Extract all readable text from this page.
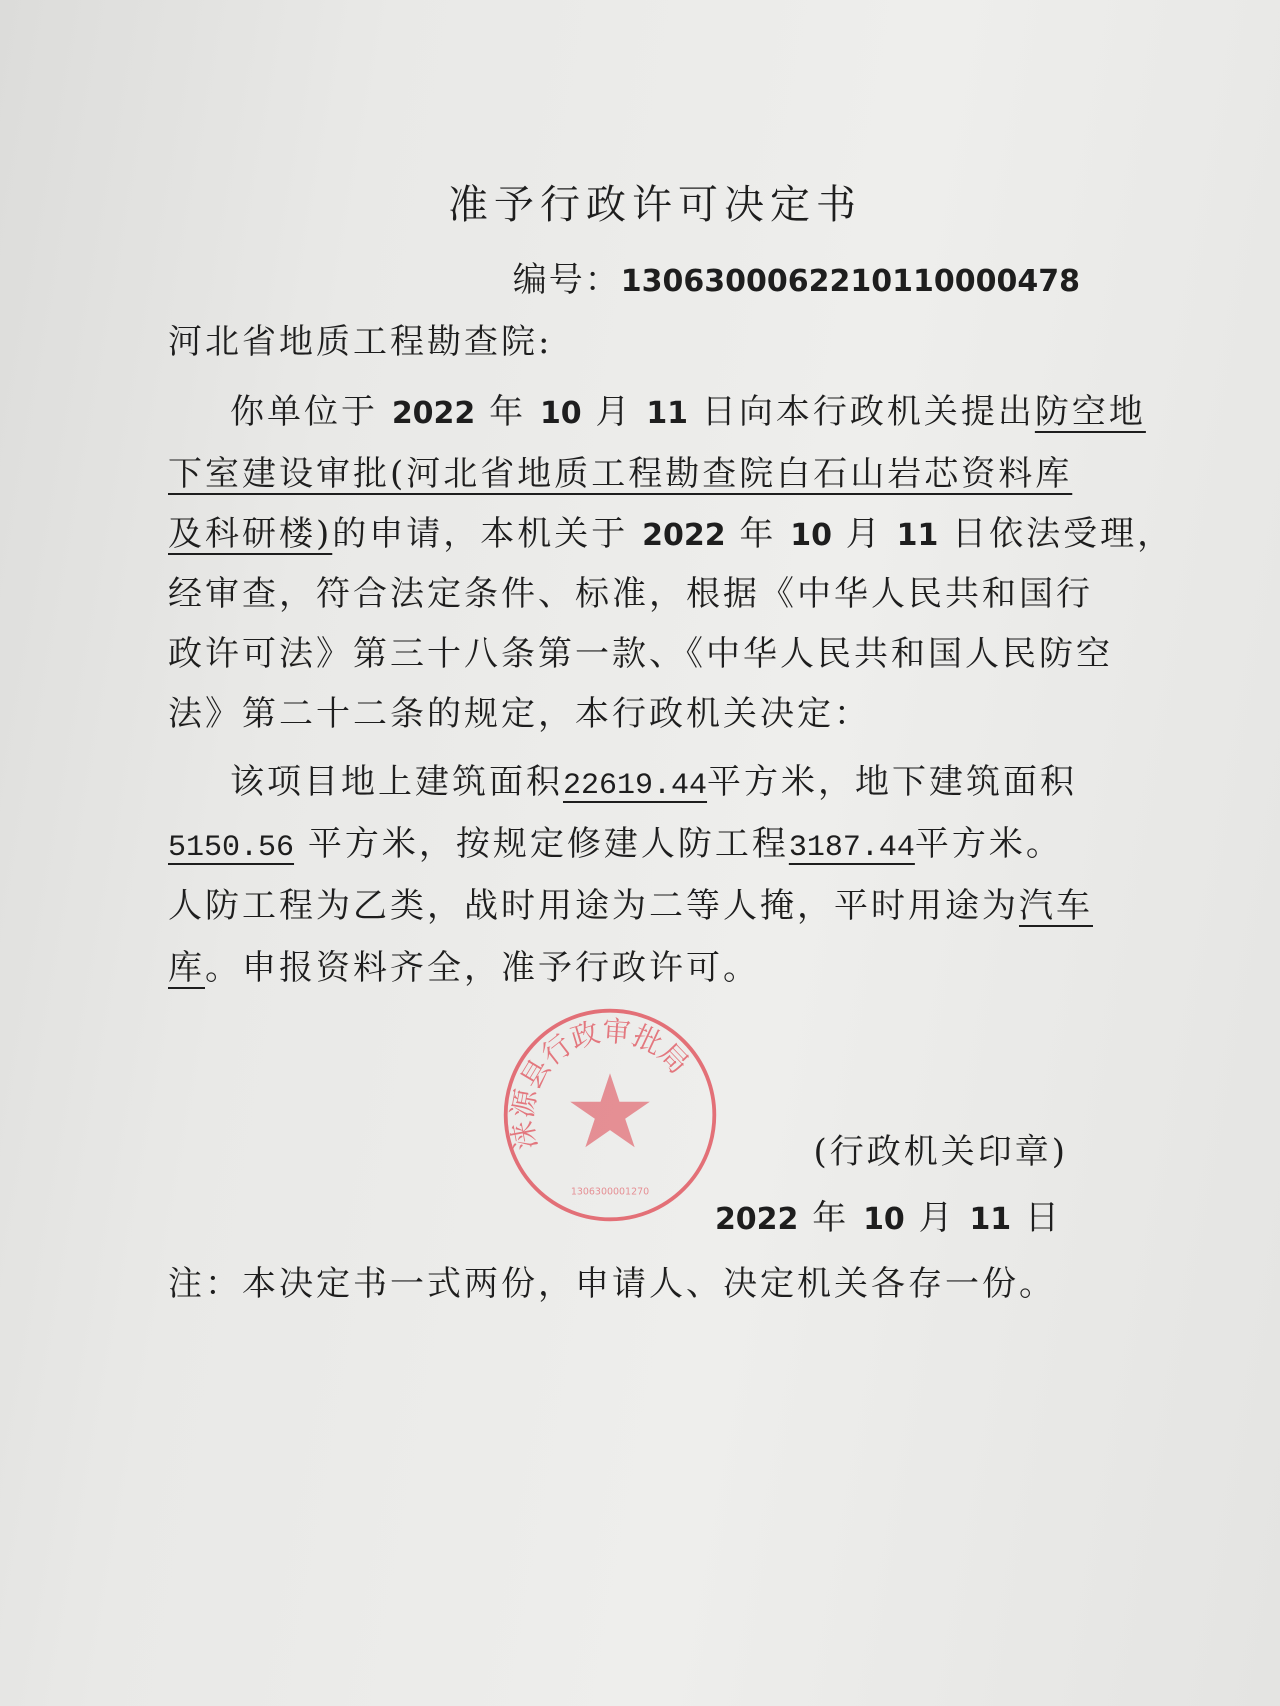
准予行政许可决定书
编号：1306300062210110000478
河北省地质工程勘查院:
你单位于 2022 年 10 月 11 日向本行政机关提出防空地
下室建设审批(河北省地质工程勘查院白石山岩芯资料库
及科研楼)的申请，本机关于 2022 年 10 月 11 日依法受理，
经审查，符合法定条件、标准，根据《中华人民共和国行
政许可法》第三十八条第一款、《中华人民共和国人民防空
法》第二十二条的规定，本行政机关决定：
该项目地上建筑面积22619.44平方米，地下建筑面积
5150.56 平方米，按规定修建人防工程3187.44平方米。
人防工程为乙类，战时用途为二等人掩，平时用途为汽车
库。申报资料齐全，准予行政许可。
涞源县行政审批局
1306300001270
(行政机关印章)
2022 年 10 月 11 日
注：本决定书一式两份，申请人、决定机关各存一份。
